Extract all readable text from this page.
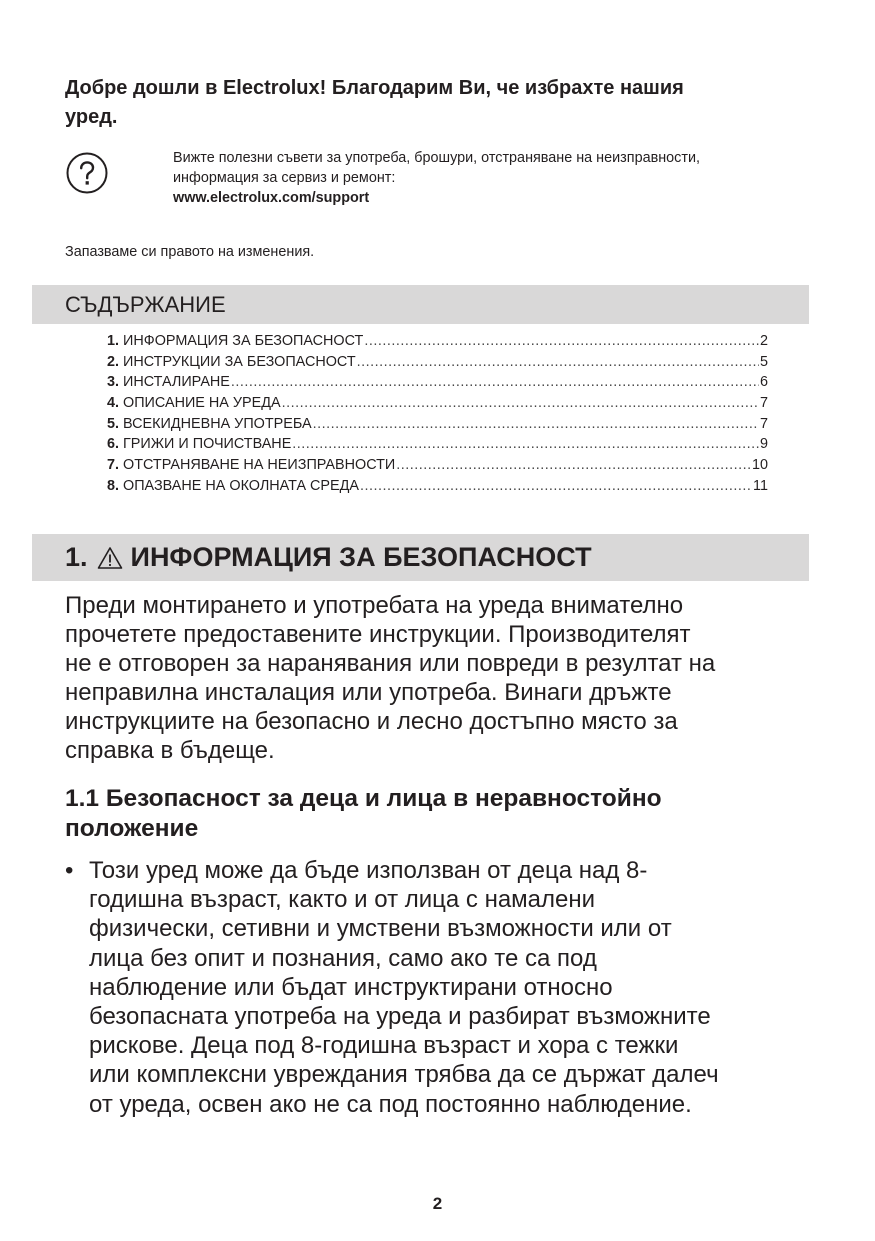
Добре дошли в Electrolux! Благодарим Ви, че избрахте нашия
уред.
Вижте полезни съвети за употреба, брошури, отстраняване на неизправности,
информация за сервиз и ремонт:
www.electrolux.com/support
Запазваме си правото на изменения.
СЪДЪРЖАНИЕ
1. ИНФОРМАЦИЯ ЗА БЕЗОПАСНОСТ .....	2
2. ИНСТРУКЦИИ ЗА БЕЗОПАСНОСТ .....	5
3. ИНСТАЛИРАНЕ .....	6
4. ОПИСАНИЕ НА УРЕДА .....	7
5. ВСЕКИДНЕВНА УПОТРЕБА .....	7
6. ГРИЖИ И ПОЧИСТВАНЕ .....	9
7. ОТСТРАНЯВАНЕ НА НЕИЗПРАВНОСТИ .....	10
8. ОПАЗВАНЕ НА ОКОЛНАТА СРЕДА .....	11
1. ИНФОРМАЦИЯ ЗА БЕЗОПАСНОСТ

Преди монтирането и употребата на уреда внимателно
прочетете предоставените инструкции. Производителят
не е отговорен за наранявания или повреди в резултат на
неправилна инсталация или употреба. Винаги дръжте
инструкциите на безопасно и лесно достъпно място за
справка в бъдеще.

1.1 Безопасност за деца и лица в неравностойно
положение
• Този уред може да бъде използван от деца над 8-
годишна възраст, както и от лица с намалени
физически, сетивни и умствени възможности или от
лица без опит и познания, само ако те са под
наблюдение или бъдат инструктирани относно
безопасната употреба на уреда и разбират възможните
рискове. Деца под 8-годишна възраст и хора с тежки
или комплексни увреждания трябва да се държат далеч
от уреда, освен ако не са под постоянно наблюдение.
2
